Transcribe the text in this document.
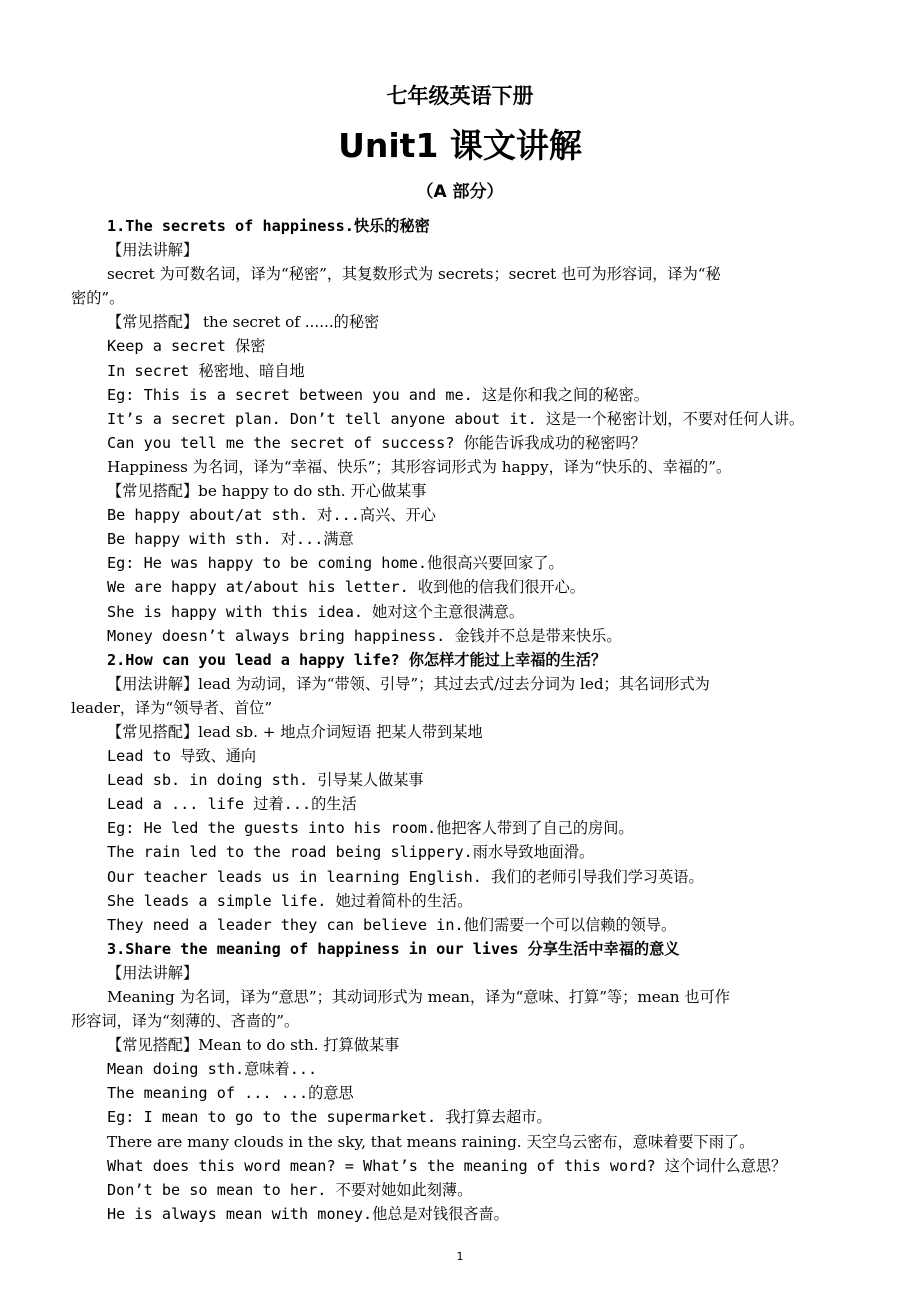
七年级英语下册
Unit1 课文讲解
（A 部分）
1.The secrets of happiness.快乐的秘密
【用法讲解】
secret 为可数名词，译为“秘密”，其复数形式为 secrets；secret 也可为形容词，译为“秘
密的”。
【常见搭配】 the secret of ......的秘密
Keep a secret 保密
In secret 秘密地、暗自地
Eg: This is a secret between you and me. 这是你和我之间的秘密。
It’s a secret plan. Don’t tell anyone about it. 这是一个秘密计划，不要对任何人讲。
Can you tell me the secret of success? 你能告诉我成功的秘密吗？
Happiness 为名词，译为“幸福、快乐”；其形容词形式为 happy，译为“快乐的、幸福的”。
【常见搭配】be happy to do sth. 开心做某事
Be happy about/at sth. 对...高兴、开心
Be happy with sth. 对...满意
Eg: He was happy to be coming home.他很高兴要回家了。
We are happy at/about his letter. 收到他的信我们很开心。
She is happy with this idea. 她对这个主意很满意。
Money doesn’t always bring happiness. 金钱并不总是带来快乐。
2.How can you lead a happy life? 你怎样才能过上幸福的生活？
【用法讲解】lead 为动词，译为“带领、引导”；其过去式/过去分词为 led；其名词形式为
leader，译为“领导者、首位”
【常见搭配】lead sb. + 地点介词短语 把某人带到某地
Lead to 导致、通向
Lead sb. in doing sth. 引导某人做某事
Lead a ... life 过着...的生活
Eg: He led the guests into his room.他把客人带到了自己的房间。
The rain led to the road being slippery.雨水导致地面滑。
Our teacher leads us in learning English. 我们的老师引导我们学习英语。
She leads a simple life. 她过着简朴的生活。
They need a leader they can believe in.他们需要一个可以信赖的领导。
3.Share the meaning of happiness in our lives 分享生活中幸福的意义
【用法讲解】
Meaning 为名词，译为“意思”；其动词形式为 mean，译为“意味、打算”等；mean 也可作
形容词，译为“刻薄的、吝啬的”。
【常见搭配】Mean to do sth. 打算做某事
Mean doing sth.意味着...
The meaning of ... ...的意思
Eg: I mean to go to the supermarket. 我打算去超市。
There are many clouds in the sky, that means raining. 天空乌云密布，意味着要下雨了。
What does this word mean? = What’s the meaning of this word? 这个词什么意思？
Don’t be so mean to her. 不要对她如此刻薄。
He is always mean with money.他总是对钱很吝啬。
1
